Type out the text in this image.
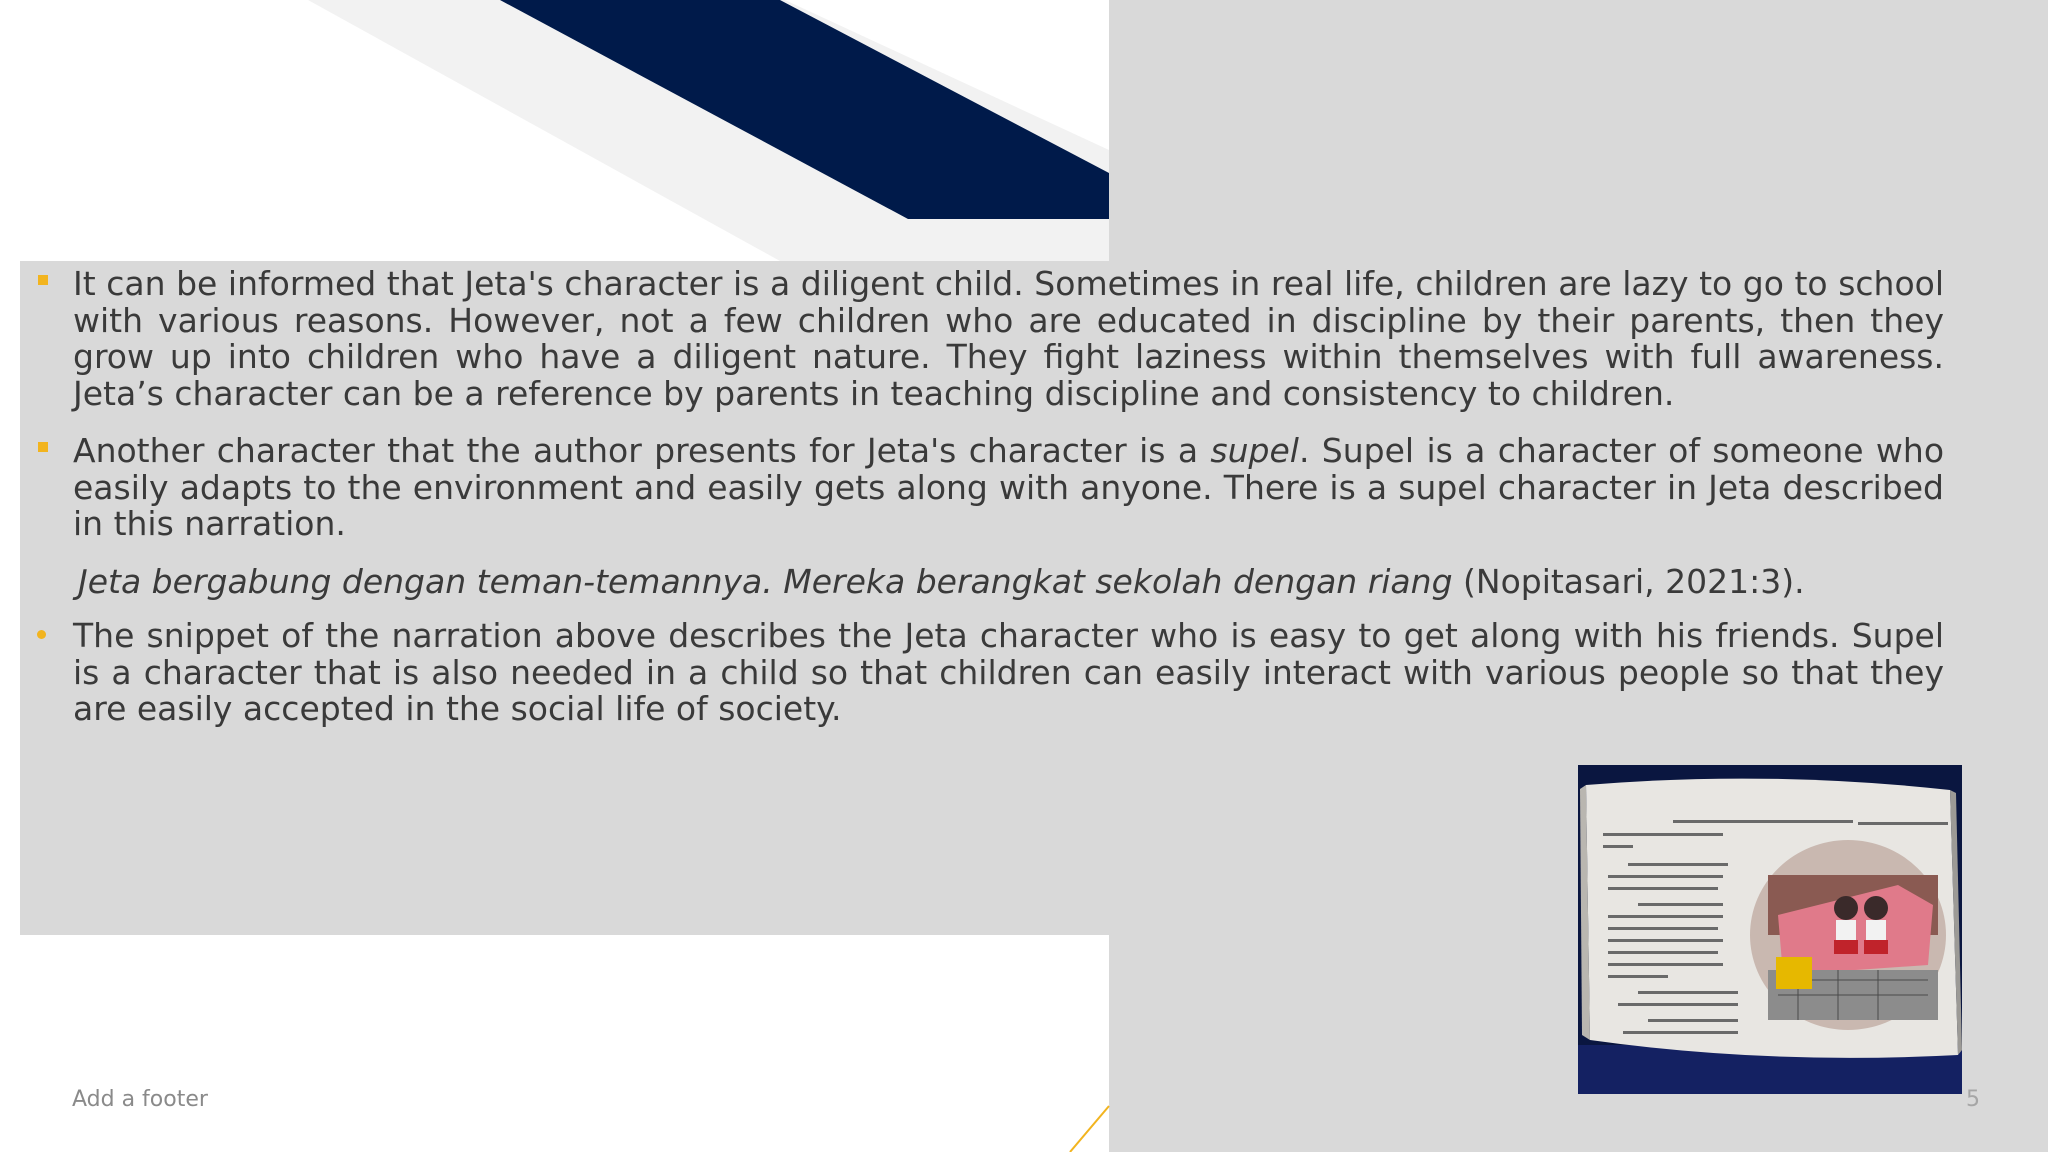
It can be informed that Jeta's character is a diligent child. Sometimes in real life, children are lazy to go to school with various reasons. However, not a few children who are educated in discipline by their parents, then they grow up into children who have a diligent nature. They fight laziness within themselves with full awareness. Jeta’s character can be a reference by parents in teaching discipline and consistency to children.

Another character that the author presents for Jeta's character is a supel. Supel is a character of someone who easily adapts to the environment and easily gets along with anyone. There is a supel character in Jeta described in this narration.

Jeta bergabung dengan teman-temannya. Mereka berangkat sekolah dengan riang (Nopitasari, 2021:3).

The snippet of the narration above describes the Jeta character who is easy to get along with his friends. Supel is a character that is also needed in a child so that children can easily interact with various people so that they are easily accepted in the social life of society.

Add a footer	5
